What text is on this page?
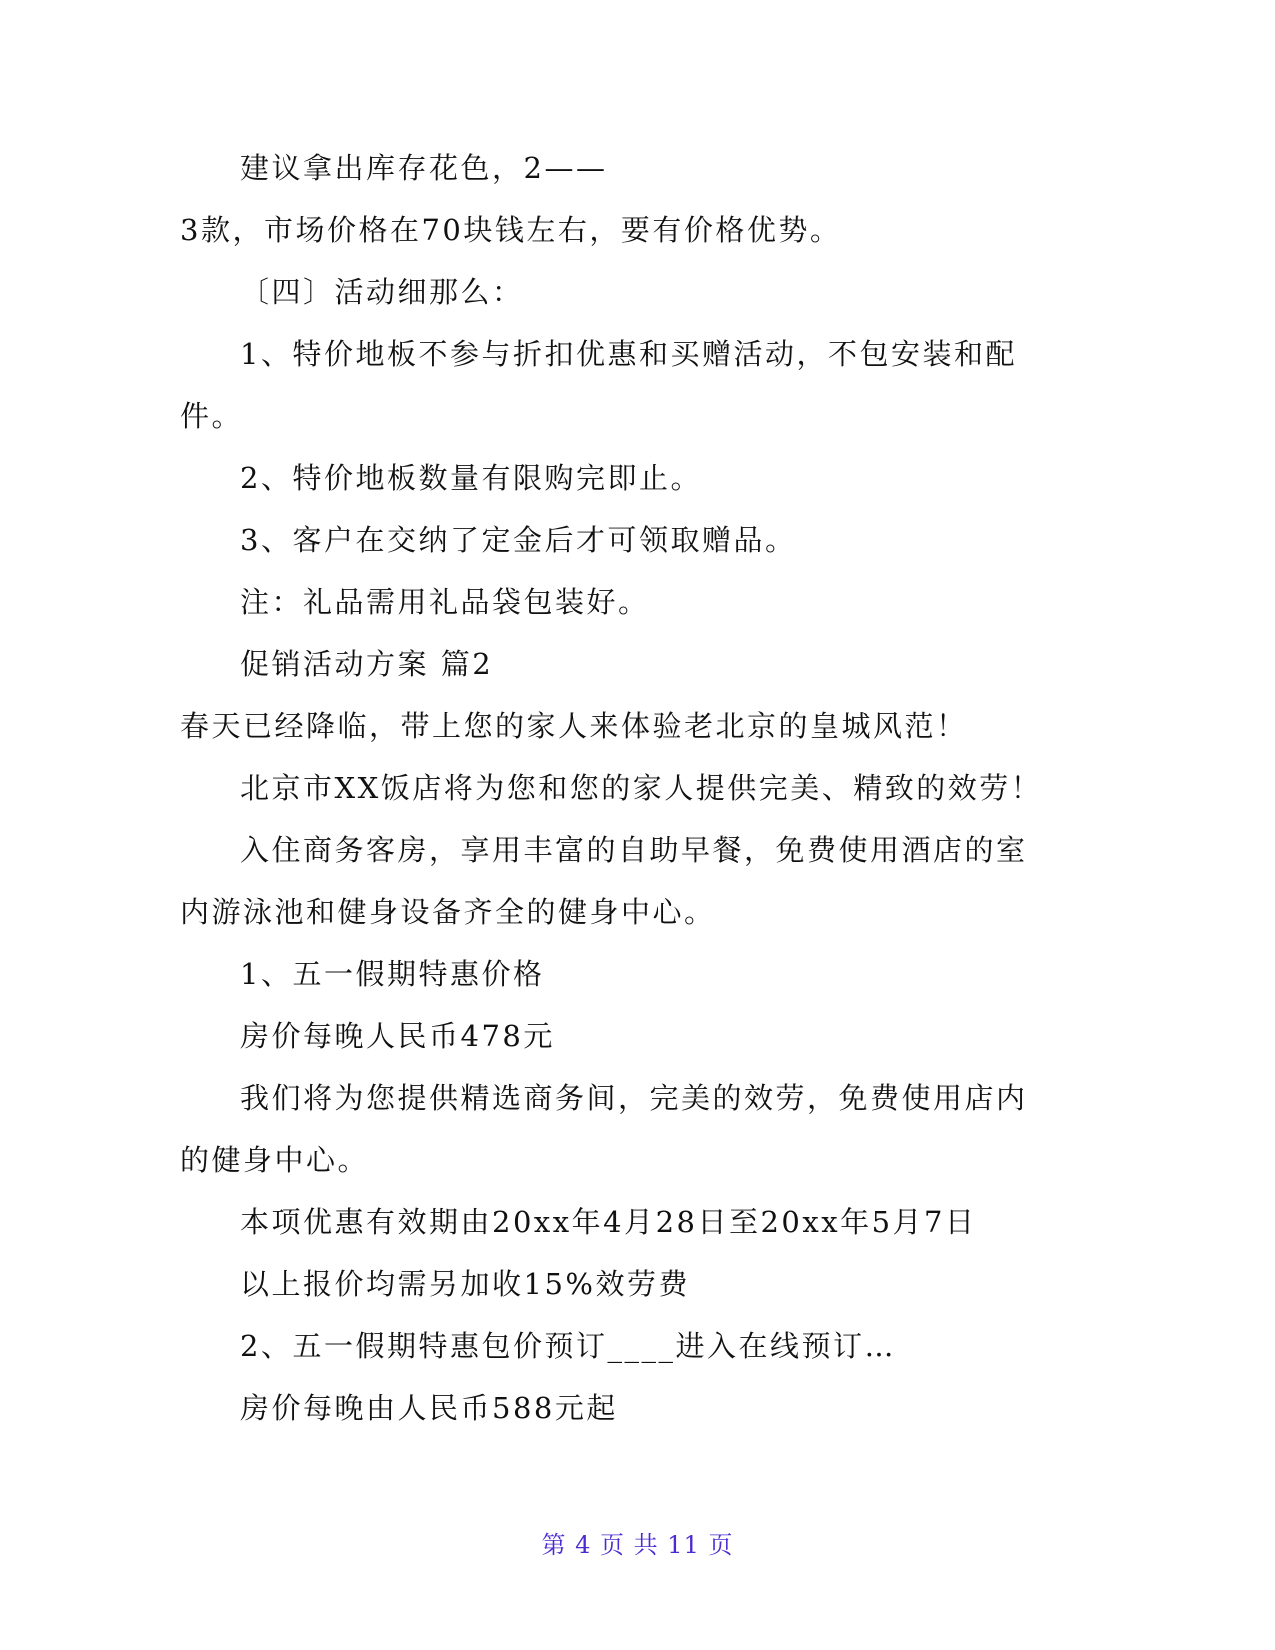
建议拿出库存花色，2——
3款，市场价格在70块钱左右，要有价格优势。
〔四〕活动细那么：
1、特价地板不参与折扣优惠和买赠活动，不包安装和配
件。
2、特价地板数量有限购完即止。
3、客户在交纳了定金后才可领取赠品。
注：礼品需用礼品袋包装好。
促销活动方案 篇2
春天已经降临，带上您的家人来体验老北京的皇城风范！
北京市XX饭店将为您和您的家人提供完美、精致的效劳！
入住商务客房，享用丰富的自助早餐，免费使用酒店的室
内游泳池和健身设备齐全的健身中心。
1、五一假期特惠价格
房价每晚人民币478元
我们将为您提供精选商务间，完美的效劳，免费使用店内
的健身中心。
本项优惠有效期由20xx年4月28日至20xx年5月7日
以上报价均需另加收15%效劳费
2、五一假期特惠包价预订____进入在线预订…
房价每晚由人民币588元起
第 4 页 共 11 页
